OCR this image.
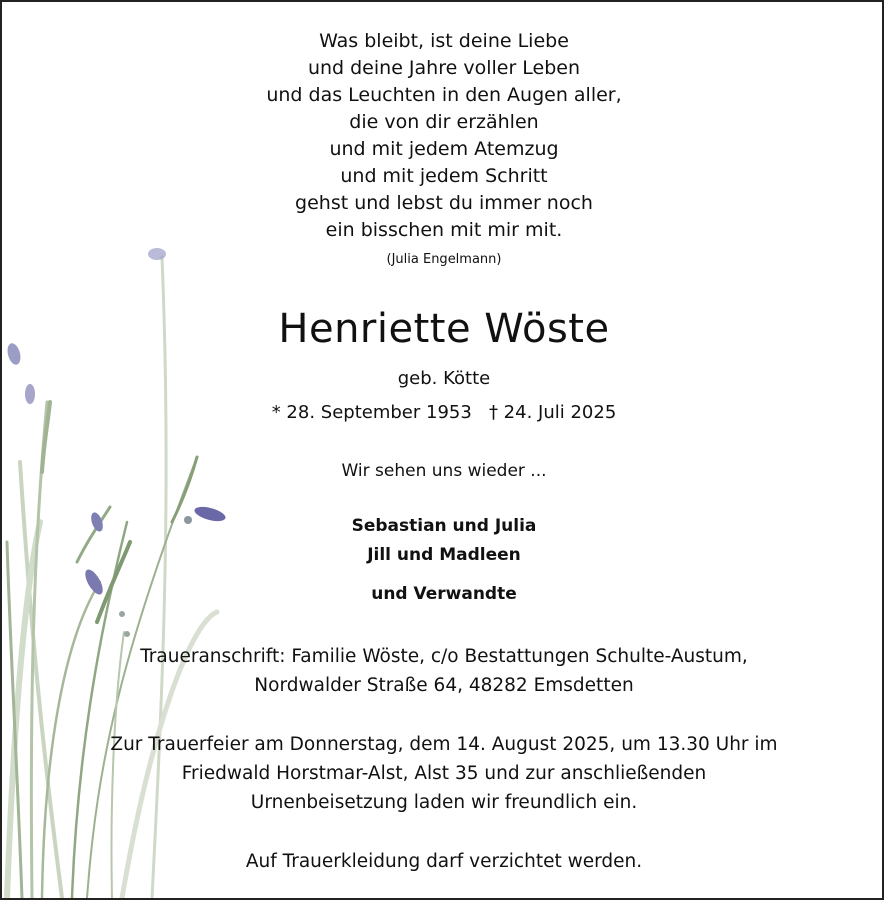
Was bleibt, ist deine Liebe
und deine Jahre voller Leben
und das Leuchten in den Augen aller,
die von dir erzählen
und mit jedem Atemzug
und mit jedem Schritt
gehst und lebst du immer noch
ein bisschen mit mir mit.
(Julia Engelmann)
Henriette Wöste
geb. Kötte
* 28. September 1953   † 24. Juli 2025
Wir sehen uns wieder ...
Sebastian und Julia
Jill und Madleen
und Verwandte
Traueranschrift: Familie Wöste, c/o Bestattungen Schulte-Austum,
Nordwalder Straße 64, 48282 Emsdetten
Zur Trauerfeier am Donnerstag, dem 14. August 2025, um 13.30 Uhr im
Friedwald Horstmar-Alst, Alst 35 und zur anschließenden
Urnenbeisetzung laden wir freundlich ein.
Auf Trauerkleidung darf verzichtet werden.
